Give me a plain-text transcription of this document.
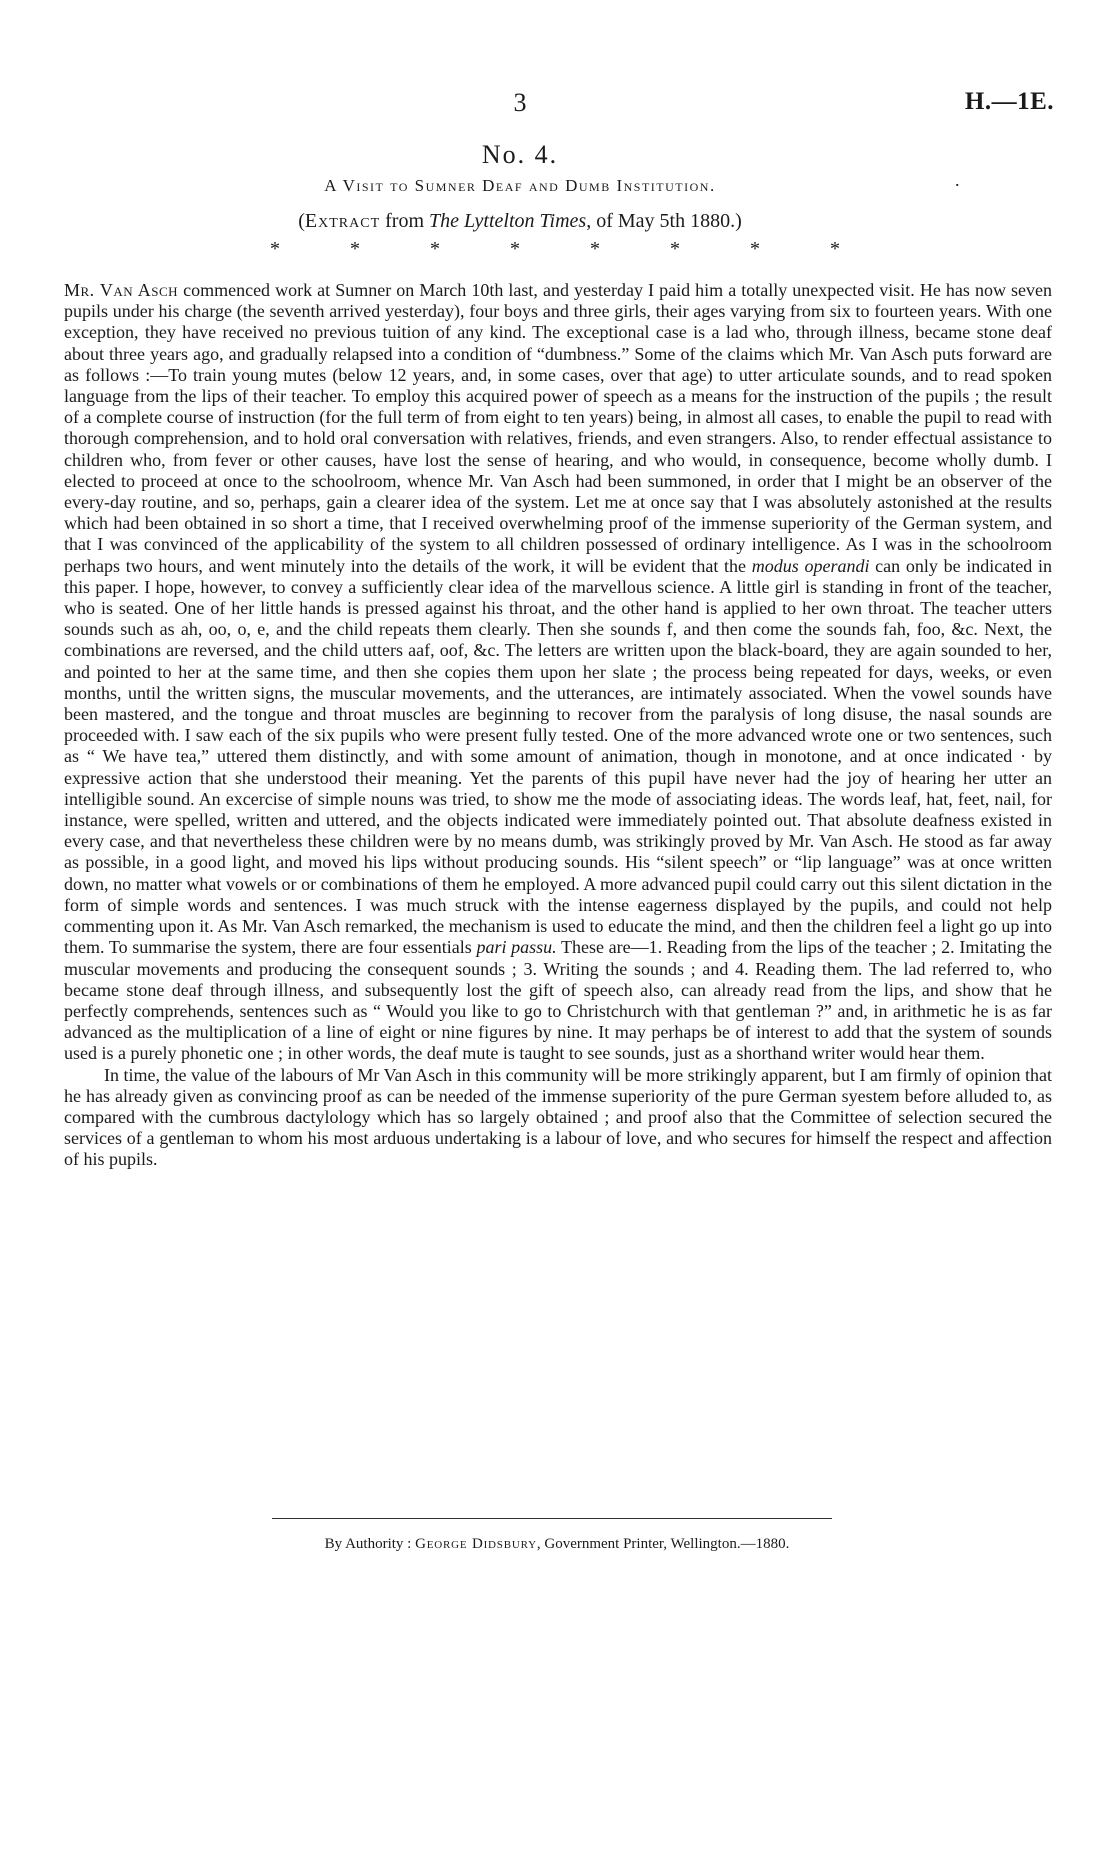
3	H.—1E.
No. 4.
A Visit to Sumner Deaf and Dumb Institution.	.
(Extract from The Lyttelton Times, of May 5th 1880.)
*	*	*	*	*	*	*	*

Mr. Van Asch commenced work at Sumner on March 10th last, and yesterday I paid him a totally unexpected visit. He has now seven pupils under his charge (the seventh arrived yesterday), four boys and three girls, their ages varying from six to fourteen years. With one exception, they have received no previous tuition of any kind. The exceptional case is a lad who, through illness, became stone deaf about three years ago, and gradually relapsed into a condition of “dumbness.” Some of the claims which Mr. Van Asch puts forward are as follows :—To train young mutes (below 12 years, and, in some cases, over that age) to utter articulate sounds, and to read spoken language from the lips of their teacher. To employ this acquired power of speech as a means for the instruction of the pupils ; the result of a complete course of instruction (for the full term of from eight to ten years) being, in almost all cases, to enable the pupil to read with thorough comprehension, and to hold oral conversation with relatives, friends, and even strangers. Also, to render effectual assistance to children who, from fever or other causes, have lost the sense of hearing, and who would, in consequence, become wholly dumb. I elected to proceed at once to the schoolroom, whence Mr. Van Asch had been summoned, in order that I might be an observer of the every-day routine, and so, perhaps, gain a clearer idea of the system. Let me at once say that I was absolutely astonished at the results which had been obtained in so short a time, that I received overwhelming proof of the immense superiority of the German system, and that I was convinced of the applicability of the system to all children possessed of ordinary intelligence. As I was in the schoolroom perhaps two hours, and went minutely into the details of the work, it will be evident that the modus operandi can only be indicated in this paper. I hope, however, to convey a sufficiently clear idea of the marvellous science. A little girl is standing in front of the teacher, who is seated. One of her little hands is pressed against his throat, and the other hand is applied to her own throat. The teacher utters sounds such as ah, oo, o, e, and the child repeats them clearly. Then she sounds f, and then come the sounds fah, foo, &c. Next, the combinations are reversed, and the child utters aaf, oof, &c. The letters are written upon the black-board, they are again sounded to her, and pointed to her at the same time, and then she copies them upon her slate ; the process being repeated for days, weeks, or even months, until the written signs, the muscular movements, and the utterances, are intimately associated. When the vowel sounds have been mastered, and the tongue and throat muscles are beginning to recover from the paralysis of long disuse, the nasal sounds are proceeded with. I saw each of the six pupils who were present fully tested. One of the more advanced wrote one or two sentences, such as “ We have tea,” uttered them distinctly, and with some amount of animation, though in monotone, and at once indicated · by expressive action that she understood their meaning. Yet the parents of this pupil have never had the joy of hearing her utter an intelligible sound. An excercise of simple nouns was tried, to show me the mode of associating ideas. The words leaf, hat, feet, nail, for instance, were spelled, written and uttered, and the objects indicated were immediately pointed out. That absolute deafness existed in every case, and that nevertheless these children were by no means dumb, was strikingly proved by Mr. Van Asch. He stood as far away as possible, in a good light, and moved his lips without producing sounds. His “silent speech” or “lip language” was at once written down, no matter what vowels or or combinations of them he employed. A more advanced pupil could carry out this silent dictation in the form of simple words and sentences. I was much struck with the intense eagerness displayed by the pupils, and could not help commenting upon it. As Mr. Van Asch remarked, the mechanism is used to educate the mind, and then the children feel a light go up into them. To summarise the system, there are four essentials pari passu. These are—1. Reading from the lips of the teacher ; 2. Imitating the muscular movements and producing the consequent sounds ; 3. Writing the sounds ; and 4. Reading them. The lad referred to, who became stone deaf through illness, and subsequently lost the gift of speech also, can already read from the lips, and show that he perfectly comprehends, sentences such as “ Would you like to go to Christchurch with that gentleman ?” and, in arithmetic he is as far advanced as the multiplication of a line of eight or nine figures by nine. It may perhaps be of interest to add that the system of sounds used is a purely phonetic one ; in other words, the deaf mute is taught to see sounds, just as a shorthand writer would hear them.

In time, the value of the labours of Mr Van Asch in this community will be more strikingly apparent, but I am firmly of opinion that he has already given as convincing proof as can be needed of the immense superiority of the pure German syestem before alluded to, as compared with the cumbrous dactylology which has so largely obtained ; and proof also that the Committee of selection secured the services of a gentleman to whom his most arduous undertaking is a labour of love, and who secures for himself the respect and affection of his pupils.

By Authority : George Didsbury, Government Printer, Wellington.—1880.
